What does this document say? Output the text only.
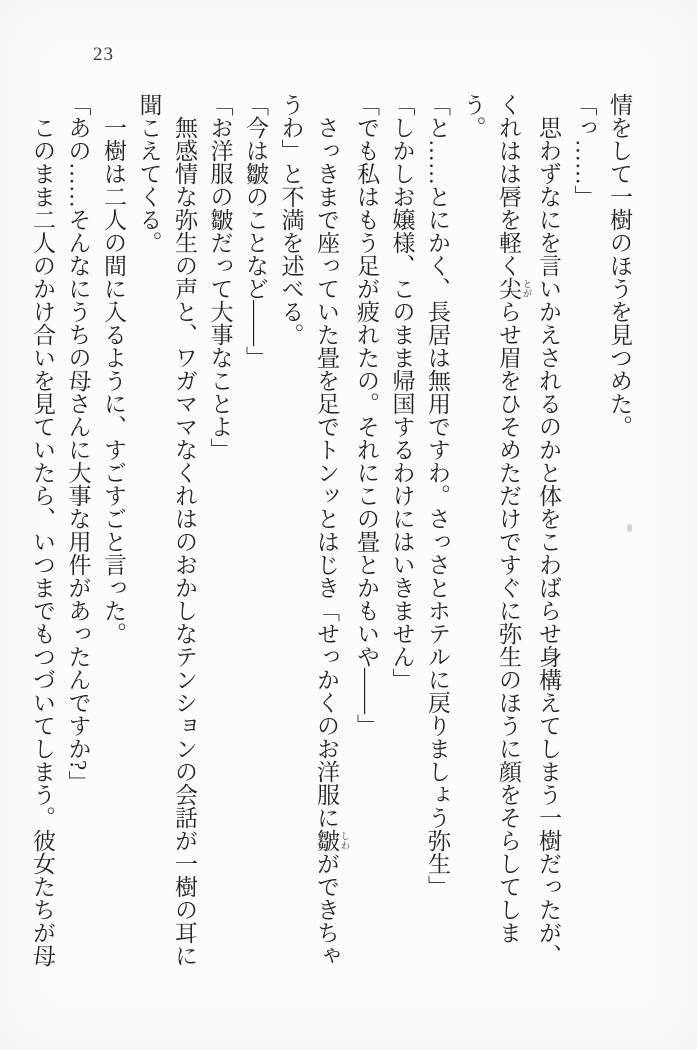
23
情をして一樹のほうを見つめた。
「っ……」
思わずなにを言いかえされるのかと体をこわばらせ身構えてしまう一樹だったが、
くれはは唇を軽く尖 とがらせ眉をひそめただけですぐに弥生のほうに顔をそらしてしまう。
「と……とにかく、長居は無用ですわ。さっさとホテルに戻りましょう弥生」
「しかしお嬢様、このまま帰国するわけにはいきません」
「でも私はもう足が疲れたの。それにこの畳とかもいや――」
さっきまで座っていた畳を足でトンッとはじき「せっかくのお洋服に皺 しわができちゃ
うわ」と不満を述べる。
「今は皺のことなど――」
「お洋服の皺だって大事なことよ」
無感情な弥生の声と、ワガママなくれはのおかしなテンションの会話が一樹の耳に
聞こえてくる。
一樹は二人の間に入るように、すごすごと言った。
「あの……そんなにうちの母さんに大事な用件があったんですか?」
このまま二人のかけ合いを見ていたら、いつまでもつづいてしまう。彼女たちが母
